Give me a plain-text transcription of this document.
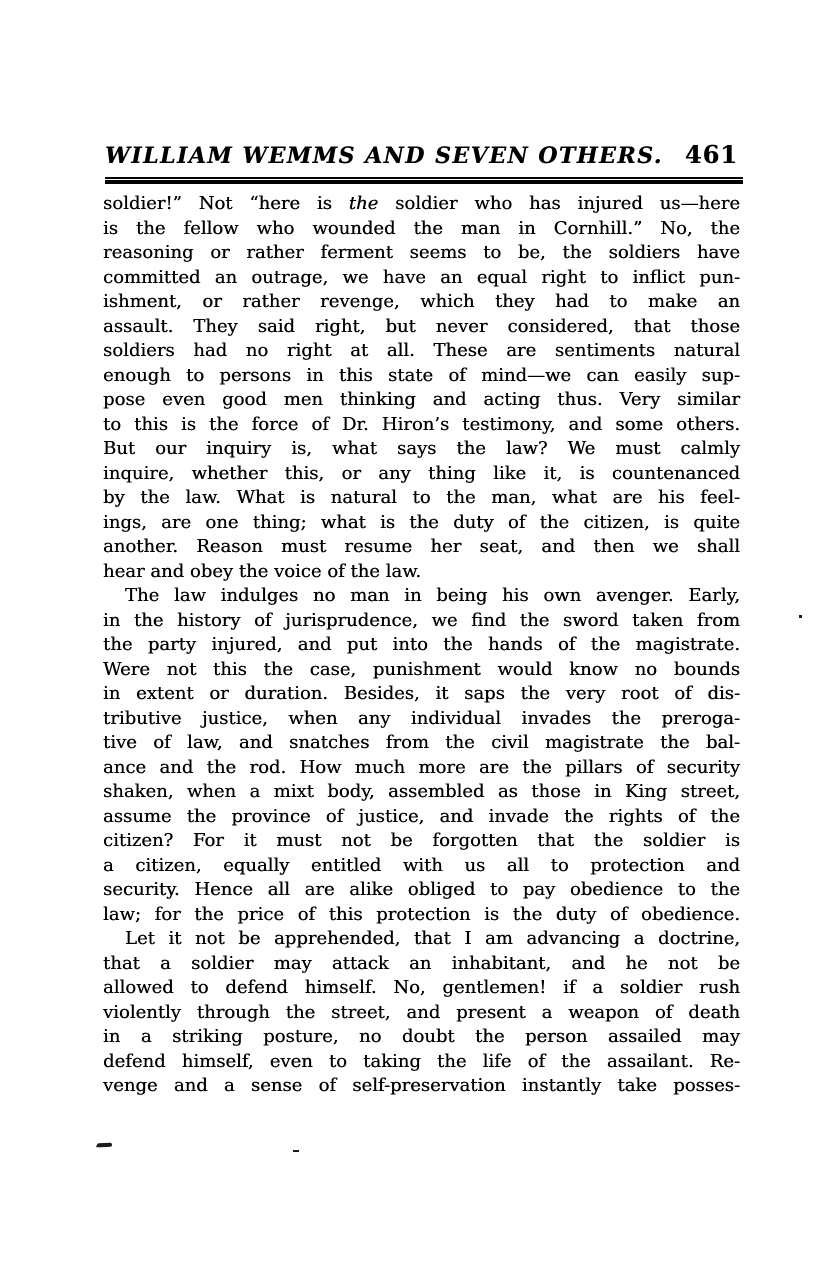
WILLIAM WEMMS AND SEVEN OTHERS. 461
soldier!” Not “here is the soldier who has injured us—here
is the fellow who wounded the man in Cornhill.” No, the
reasoning or rather ferment seems to be, the soldiers have
committed an outrage, we have an equal right to inflict pun-
ishment, or rather revenge, which they had to make an
assault. They said right, but never considered, that those
soldiers had no right at all. These are sentiments natural
enough to persons in this state of mind—we can easily sup-
pose even good men thinking and acting thus. Very similar
to this is the force of Dr. Hiron’s testimony, and some others.
But our inquiry is, what says the law? We must calmly
inquire, whether this, or any thing like it, is countenanced
by the law. What is natural to the man, what are his feel-
ings, are one thing; what is the duty of the citizen, is quite
another. Reason must resume her seat, and then we shall
hear and obey the voice of the law.
The law indulges no man in being his own avenger. Early,
in the history of jurisprudence, we find the sword taken from
the party injured, and put into the hands of the magistrate.
Were not this the case, punishment would know no bounds
in extent or duration. Besides, it saps the very root of dis-
tributive justice, when any individual invades the preroga-
tive of law, and snatches from the civil magistrate the bal-
ance and the rod. How much more are the pillars of security
shaken, when a mixt body, assembled as those in King street,
assume the province of justice, and invade the rights of the
citizen? For it must not be forgotten that the soldier is
a citizen, equally entitled with us all to protection and
security. Hence all are alike obliged to pay obedience to the
law; for the price of this protection is the duty of obedience.
Let it not be apprehended, that I am advancing a doctrine,
that a soldier may attack an inhabitant, and he not be
allowed to defend himself. No, gentlemen! if a soldier rush
violently through the street, and present a weapon of death
in a striking posture, no doubt the person assailed may
defend himself, even to taking the life of the assailant. Re-
venge and a sense of self-preservation instantly take posses-
